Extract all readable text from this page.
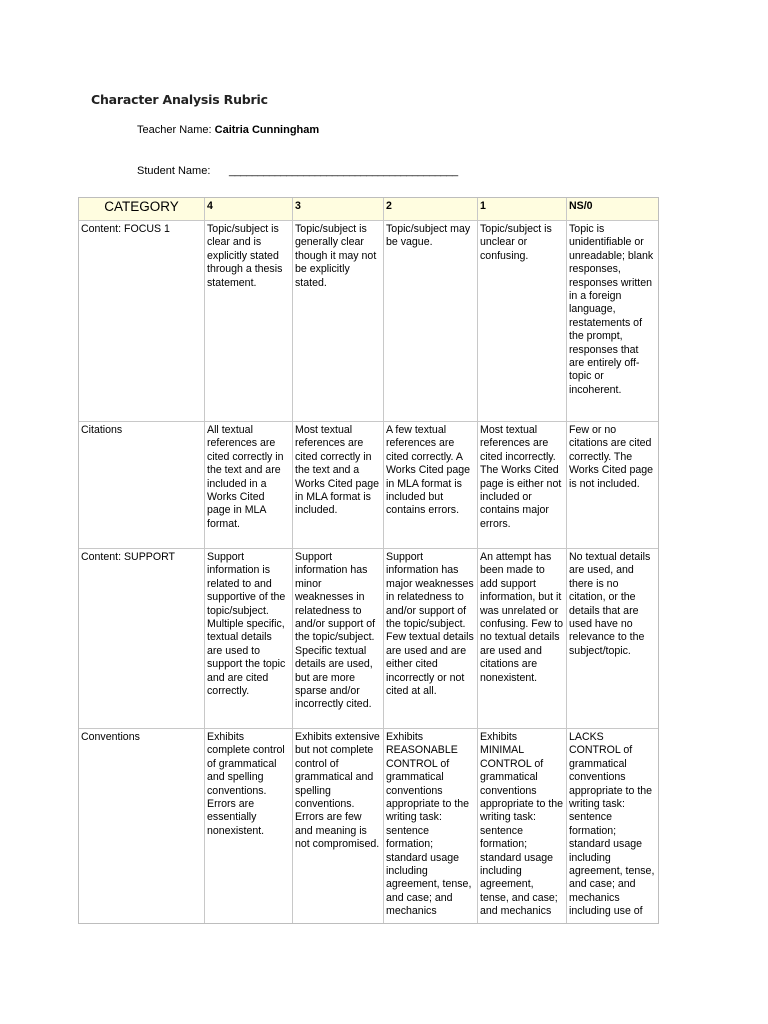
Character Analysis Rubric
Teacher Name: Caitria Cunningham
Student Name: ________________________________________
CATEGORY	4	3	2	1	NS/0
Content: FOCUS 1	Topic/subject is clear and is explicitly stated through a thesis statement.	Topic/subject is generally clear though it may not be explicitly stated.	Topic/subject may be vague.	Topic/subject is unclear or confusing.	Topic is unidentifiable or unreadable; blank responses, responses written in a foreign language, restatements of the prompt, responses that are entirely off-topic or incoherent.
Citations	All textual references are cited correctly in the text and are included in a Works Cited page in MLA format.	Most textual references are cited correctly in the text and a Works Cited page in MLA format is included.	A few textual references are cited correctly. A Works Cited page in MLA format is included but contains errors.	Most textual references are cited incorrectly. The Works Cited page is either not included or contains major errors.	Few or no citations are cited correctly. The Works Cited page is not included.
Content: SUPPORT	Support information is related to and supportive of the topic/subject. Multiple specific, textual details are used to support the topic and are cited correctly.	Support information has minor weaknesses in relatedness to and/or support of the topic/subject. Specific textual details are used, but are more sparse and/or incorrectly cited.	Support information has major weaknesses in relatedness to and/or support of the topic/subject. Few textual details are used and are either cited incorrectly or not cited at all.	An attempt has been made to add support information, but it was unrelated or confusing. Few to no textual details are used and citations are nonexistent.	No textual details are used, and there is no citation, or the details that are used have no relevance to the subject/topic.
Conventions	Exhibits complete control of grammatical and spelling conventions. Errors are essentially nonexistent.	Exhibits extensive but not complete control of grammatical and spelling conventions. Errors are few and meaning is not compromised.	Exhibits REASONABLE CONTROL of grammatical conventions appropriate to the writing task: sentence formation; standard usage including agreement, tense, and case; and mechanics	Exhibits MINIMAL CONTROL of grammatical conventions appropriate to the writing task: sentence formation; standard usage including agreement, tense, and case; and mechanics	LACKS CONTROL of grammatical conventions appropriate to the writing task: sentence formation; standard usage including agreement, tense, and case; and mechanics including use of
